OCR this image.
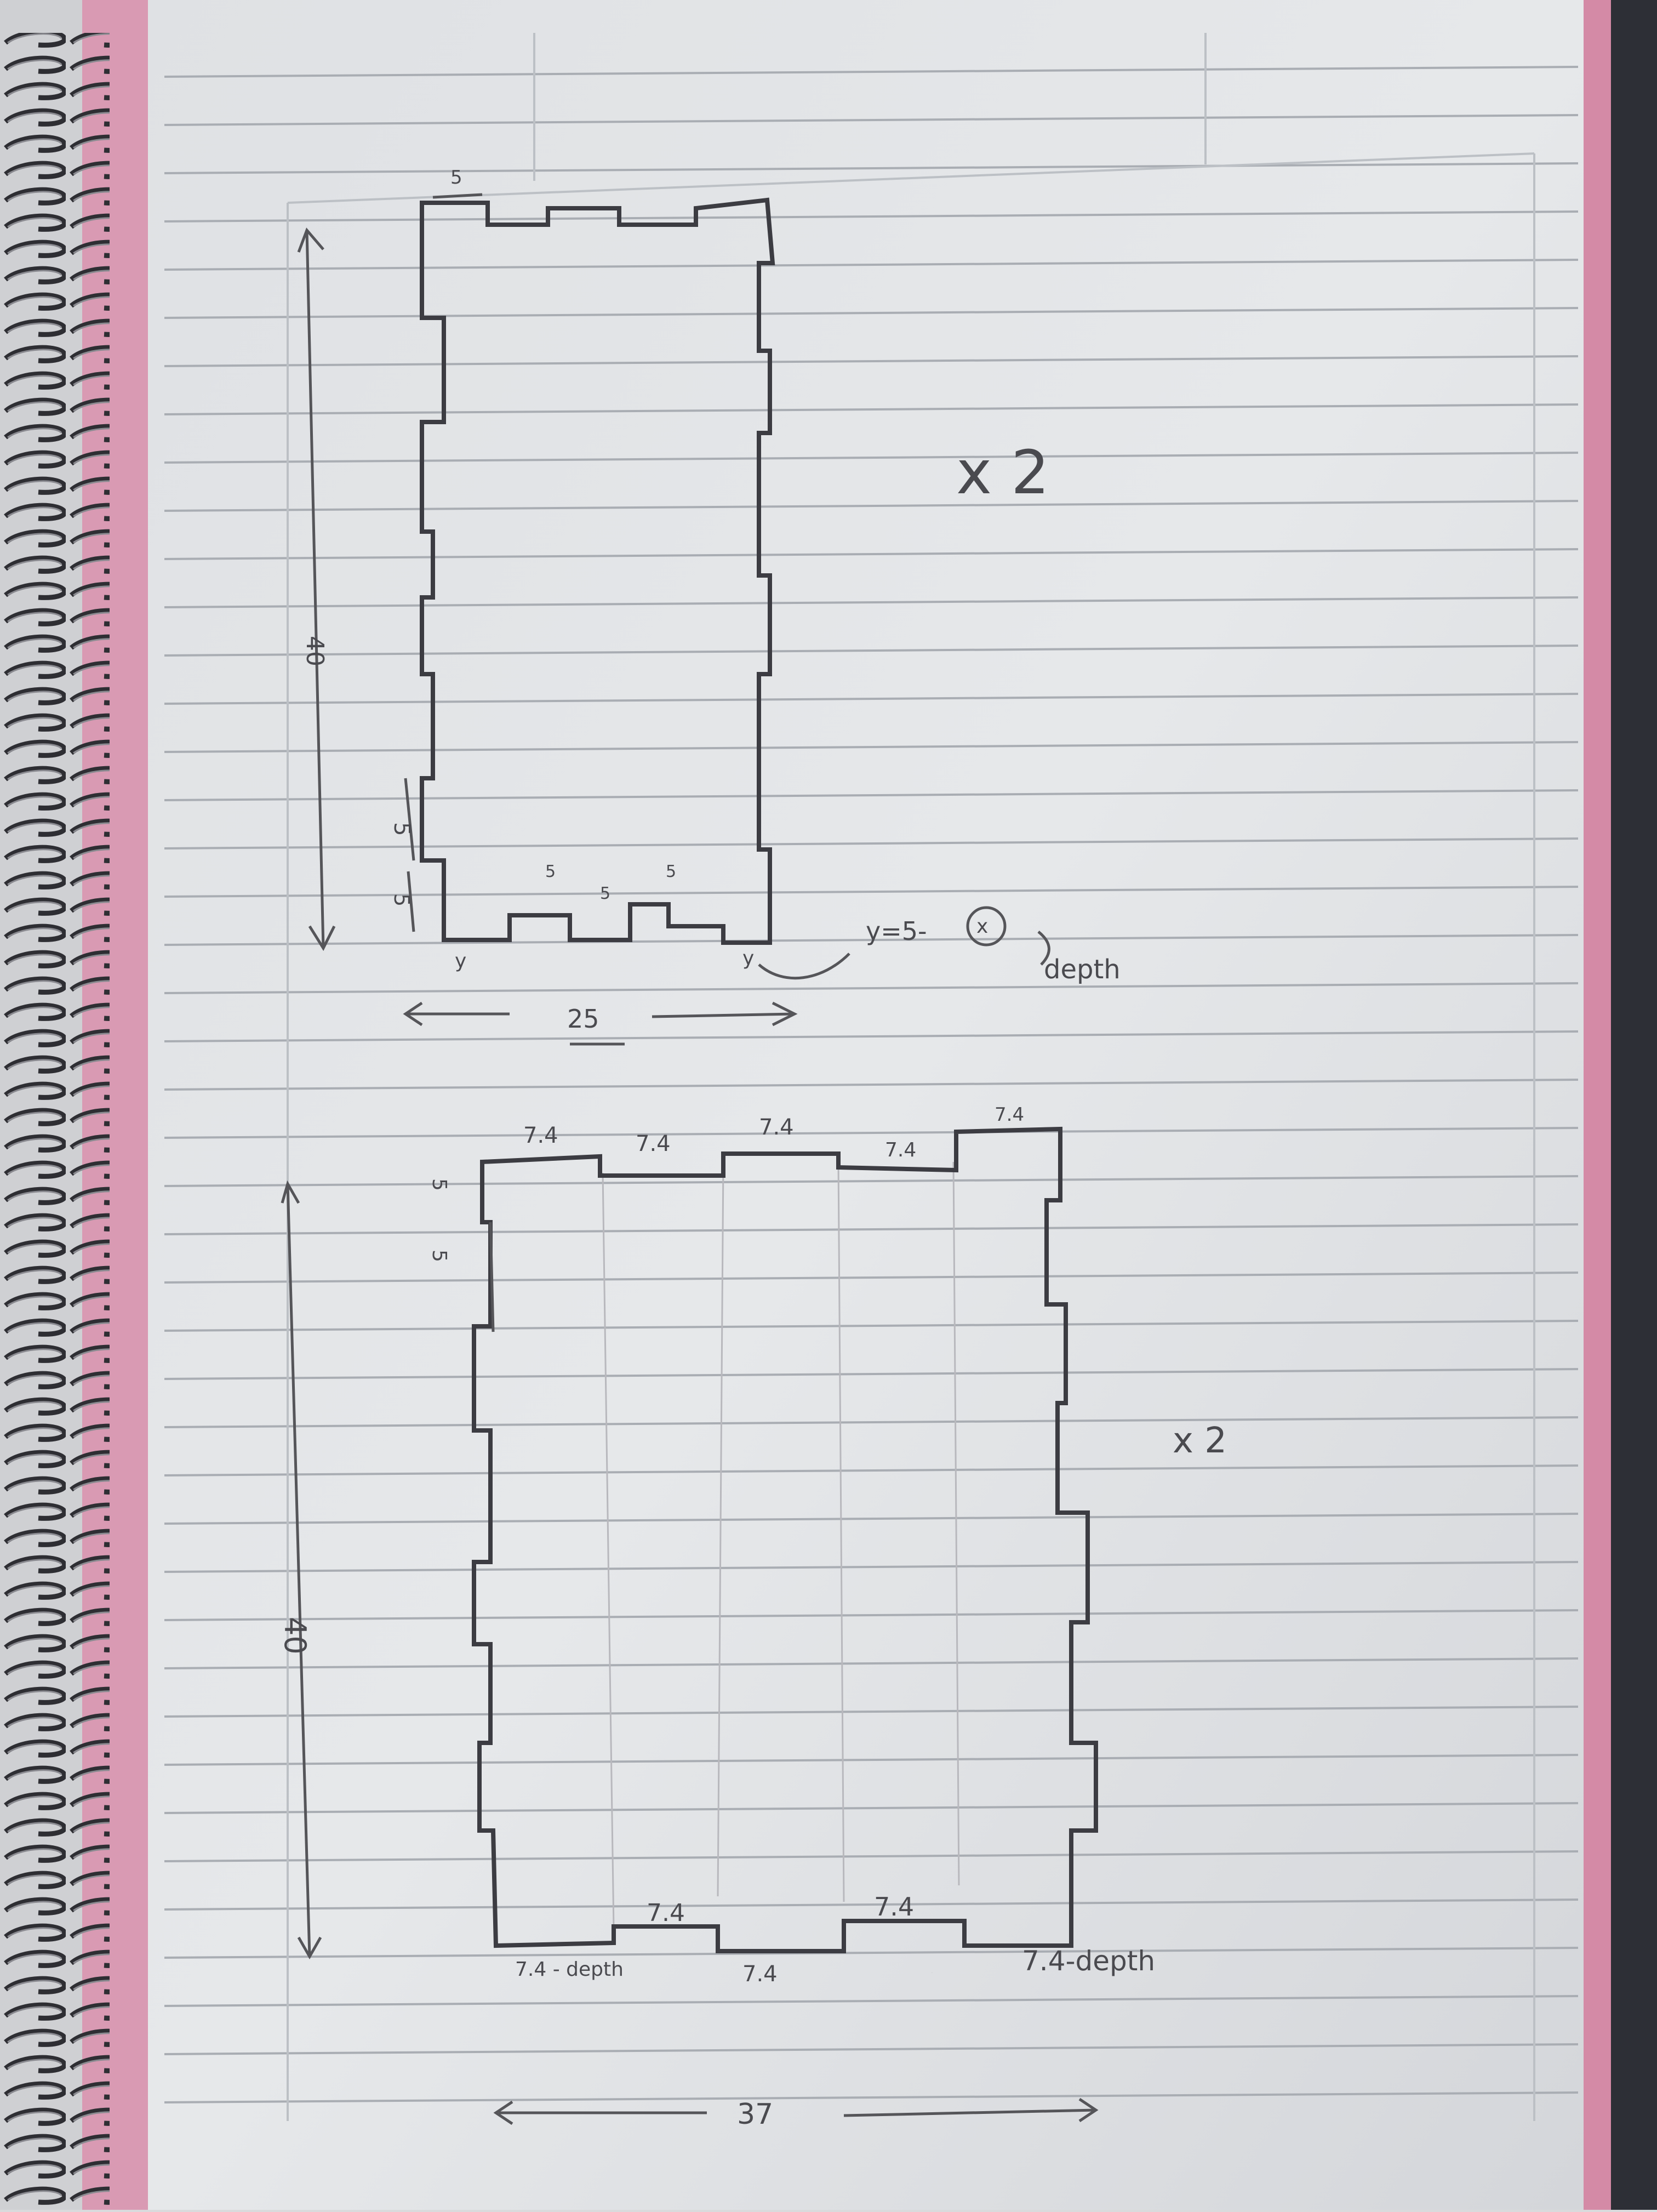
5
40
5
5
5
5
5
y	y
y=5-	x
depth
25
x 2
7.4	7.4
7.4
7.4
7.4
5
5
40
7.4 - depth
7.4
7.4
7.4
7.4	7.4-depth
37
x 2
